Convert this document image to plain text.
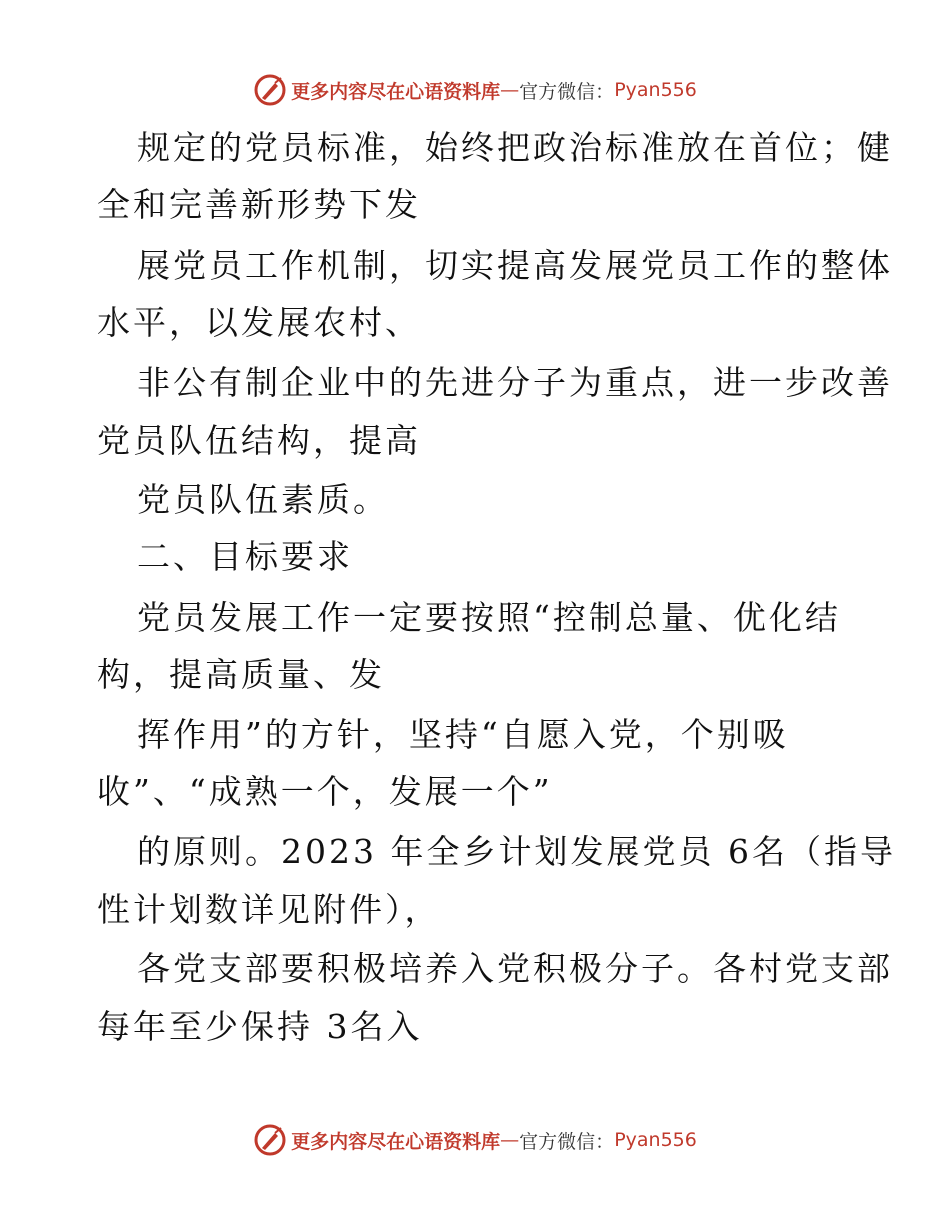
更多内容尽在心语资料库 — 官方微信： Pyan556
规定的党员标准，始终把政治标准放在首位；健
全和完善新形势下发
展党员工作机制，切实提高发展党员工作的整体
水平，以发展农村、
非公有制企业中的先进分子为重点，进一步改善
党员队伍结构，提高
党员队伍素质。
二、目标要求
党员发展工作一定要按照“控制总量、优化结
构，提高质量、发
挥作用”的方针，坚持“自愿入党，个别吸
收”、“成熟一个，发展一个”
的原则。2023 年全乡计划发展党员 6名（指导
性计划数详见附件），
各党支部要积极培养入党积极分子。各村党支部
每年至少保持 3名入
更多内容尽在心语资料库 — 官方微信： Pyan556
